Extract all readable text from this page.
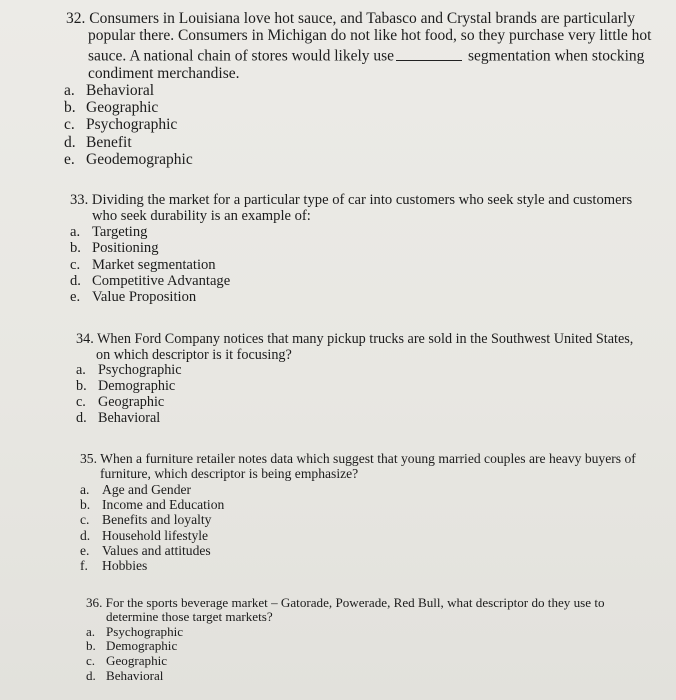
32. Consumers in Louisiana love hot sauce, and Tabasco and Crystal brands are particularly popular there. Consumers in Michigan do not like hot food, so they purchase very little hot sauce. A national chain of stores would likely use	segmentation when stocking condiment merchandise.

a. Behavioral
b. Geographic
c. Psychographic
d. Benefit
e. Geodemographic

33. Dividing the market for a particular type of car into customers who seek style and customers who seek durability is an example of:

a. Targeting
b. Positioning
c. Market segmentation
d. Competitive Advantage
e. Value Proposition

34. When Ford Company notices that many pickup trucks are sold in the Southwest United States, on which descriptor is it focusing?

a. Psychographic
b. Demographic
c. Geographic
d. Behavioral

35. When a furniture retailer notes data which suggest that young married couples are heavy buyers of furniture, which descriptor is being emphasize?

a. Age and Gender
b. Income and Education
c. Benefits and loyalty
d. Household lifestyle
e. Values and attitudes
f.	Hobbies

36. For the sports beverage market – Gatorade, Powerade, Red Bull, what descriptor do they use to determine those target markets?

a. Psychographic
b. Demographic
c. Geographic
d. Behavioral
